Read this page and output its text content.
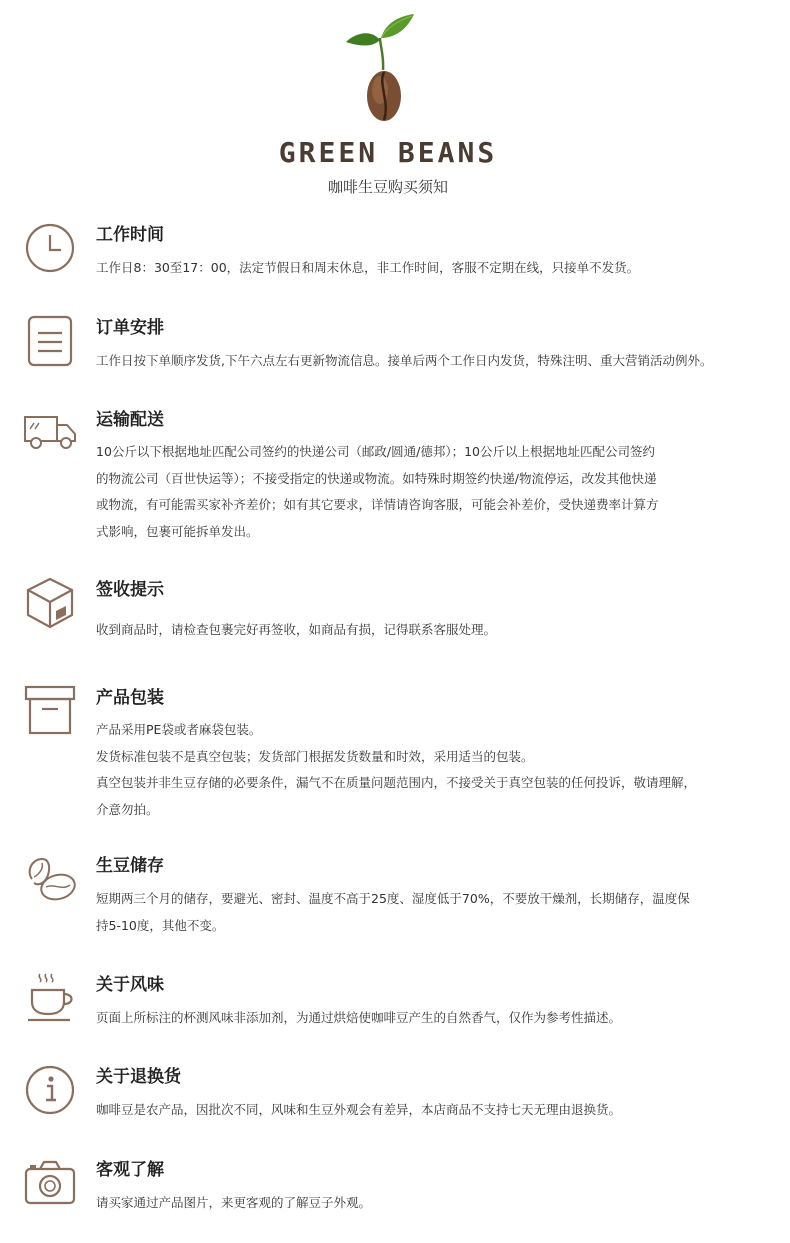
GREEN BEANS
咖啡生豆购买须知
工作时间

工作日8：30至17：00，法定节假日和周末休息，非工作时间，客服不定期在线，只接单不发货。

订单安排

工作日按下单顺序发货,下午六点左右更新物流信息。接单后两个工作日内发货，特殊注明、重大营销活动例外。

运输配送

10公斤以下根据地址匹配公司签约的快递公司（邮政/圆通/德邦）；10公斤以上根据地址匹配公司签约

的物流公司（百世快运等）；不接受指定的快递或物流。如特殊时期签约快递/物流停运，改发其他快递

或物流，有可能需买家补齐差价；如有其它要求，详情请咨询客服，可能会补差价，受快递费率计算方

式影响，包裹可能拆单发出。

签收提示

收到商品时，请检查包裹完好再签收，如商品有损，记得联系客服处理。

产品包装

产品采用PE袋或者麻袋包装。

发货标准包装不是真空包装；发货部门根据发货数量和时效，采用适当的包装。

真空包装并非生豆存储的必要条件，漏气不在质量问题范围内，不接受关于真空包装的任何投诉，敬请理解，

介意勿拍。

生豆储存

短期两三个月的储存，要避光、密封、温度不高于25度、湿度低于70%，不要放干燥剂，长期储存，温度保

持5-10度，其他不变。

关于风味

页面上所标注的杯测风味非添加剂，为通过烘焙使咖啡豆产生的自然香气，仅作为参考性描述。

关于退换货

咖啡豆是农产品，因批次不同，风味和生豆外观会有差异，本店商品不支持七天无理由退换货。

客观了解

请买家通过产品图片，来更客观的了解豆子外观。
